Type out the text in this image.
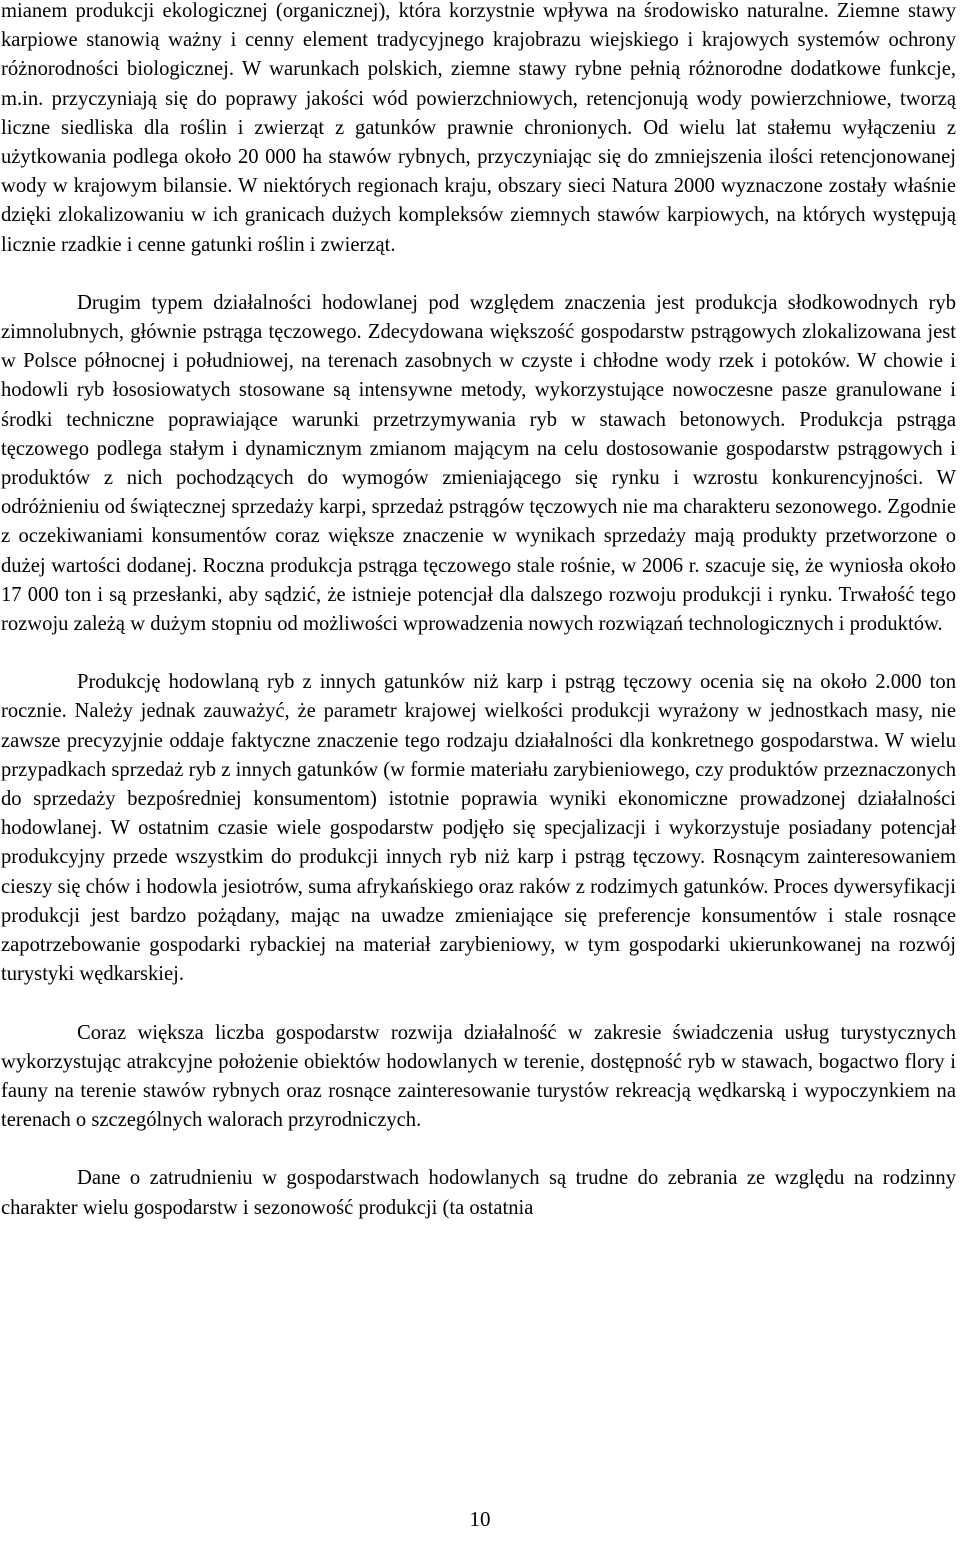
mianem produkcji ekologicznej (organicznej), która korzystnie wpływa na środowisko naturalne. Ziemne stawy karpiowe stanowią ważny i cenny element tradycyjnego krajobrazu wiejskiego i krajowych systemów ochrony różnorodności biologicznej. W warunkach polskich, ziemne stawy rybne pełnią różnorodne dodatkowe funkcje, m.in. przyczyniają się do poprawy jakości wód powierzchniowych, retencjonują wody powierzchniowe, tworzą liczne siedliska dla roślin i zwierząt z gatunków prawnie chronionych. Od wielu lat stałemu wyłączeniu z użytkowania podlega około 20 000 ha stawów rybnych, przyczyniając się do zmniejszenia ilości retencjonowanej wody w krajowym bilansie. W niektórych regionach kraju, obszary sieci Natura 2000 wyznaczone zostały właśnie dzięki zlokalizowaniu w ich granicach dużych kompleksów ziemnych stawów karpiowych, na których występują licznie rzadkie i cenne gatunki roślin i zwierząt.

Drugim typem działalności hodowlanej pod względem znaczenia jest produkcja słodkowodnych ryb zimnolubnych, głównie pstrąga tęczowego. Zdecydowana większość gospodarstw pstrągowych zlokalizowana jest w Polsce północnej i południowej, na terenach zasobnych w czyste i chłodne wody rzek i potoków. W chowie i hodowli ryb łososiowatych stosowane są intensywne metody, wykorzystujące nowoczesne pasze granulowane i środki techniczne poprawiające warunki przetrzymywania ryb w stawach betonowych. Produkcja pstrąga tęczowego podlega stałym i dynamicznym zmianom mającym na celu dostosowanie gospodarstw pstrągowych i produktów z nich pochodzących do wymogów zmieniającego się rynku i wzrostu konkurencyjności. W odróżnieniu od świątecznej sprzedaży karpi, sprzedaż pstrągów tęczowych nie ma charakteru sezonowego. Zgodnie z oczekiwaniami konsumentów coraz większe znaczenie w wynikach sprzedaży mają produkty przetworzone o dużej wartości dodanej. Roczna produkcja pstrąga tęczowego stale rośnie, w 2006 r. szacuje się, że wyniosła około 17 000 ton i są przesłanki, aby sądzić, że istnieje potencjał dla dalszego rozwoju produkcji i rynku. Trwałość tego rozwoju zależą w dużym stopniu od możliwości wprowadzenia nowych rozwiązań technologicznych i produktów.

Produkcję hodowlaną ryb z innych gatunków niż karp i pstrąg tęczowy ocenia się na około 2.000 ton rocznie. Należy jednak zauważyć, że parametr krajowej wielkości produkcji wyrażony w jednostkach masy, nie zawsze precyzyjnie oddaje faktyczne znaczenie tego rodzaju działalności dla konkretnego gospodarstwa. W wielu przypadkach sprzedaż ryb z innych gatunków (w formie materiału zarybieniowego, czy produktów przeznaczonych do sprzedaży bezpośredniej konsumentom) istotnie poprawia wyniki ekonomiczne prowadzonej działalności hodowlanej. W ostatnim czasie wiele gospodarstw podjęło się specjalizacji i wykorzystuje posiadany potencjał produkcyjny przede wszystkim do produkcji innych ryb niż karp i pstrąg tęczowy. Rosnącym zainteresowaniem cieszy się chów i hodowla jesiotrów, suma afrykańskiego oraz raków z rodzimych gatunków. Proces dywersyfikacji produkcji jest bardzo pożądany, mając na uwadze zmieniające się preferencje konsumentów i stale rosnące zapotrzebowanie gospodarki rybackiej na materiał zarybieniowy, w tym gospodarki ukierunkowanej na rozwój turystyki wędkarskiej.

Coraz większa liczba gospodarstw rozwija działalność w zakresie świadczenia usług turystycznych wykorzystując atrakcyjne położenie obiektów hodowlanych w terenie, dostępność ryb w stawach, bogactwo flory i fauny na terenie stawów rybnych oraz rosnące zainteresowanie turystów rekreacją wędkarską i wypoczynkiem na terenach o szczególnych walorach przyrodniczych.

Dane o zatrudnieniu w gospodarstwach hodowlanych są trudne do zebrania ze względu na rodzinny charakter wielu gospodarstw i sezonowość produkcji (ta ostatnia

10
